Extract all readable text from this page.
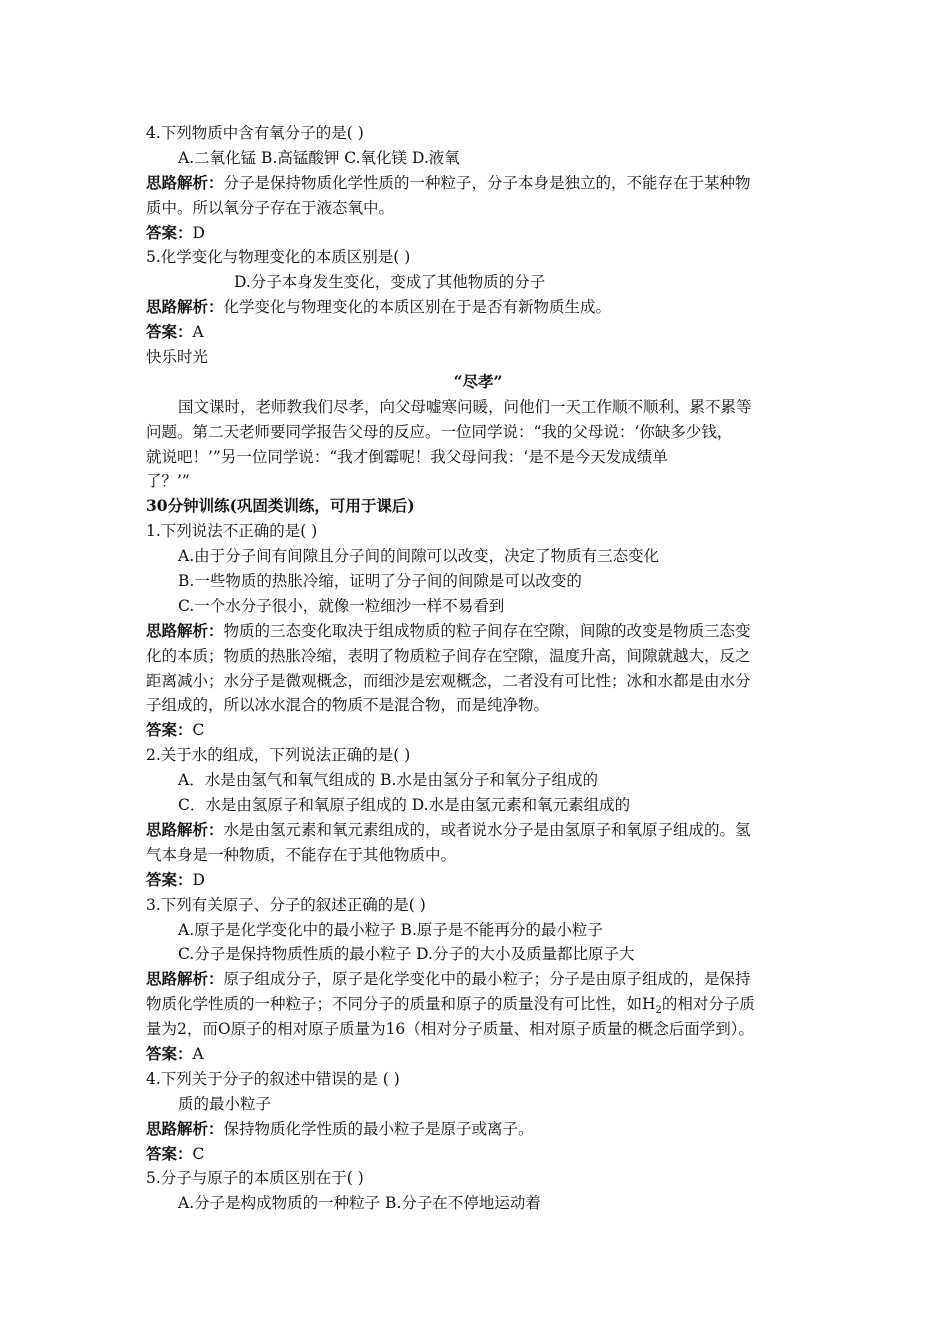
4.下列物质中含有氧分子的是( )
A.二氧化锰 B.高锰酸钾 C.氧化镁 D.液氧
思路解析：分子是保持物质化学性质的一种粒子，分子本身是独立的，不能存在于某种物
质中。所以氧分子存在于液态氧中。
答案：D
5.化学变化与物理变化的本质区别是( )
D.分子本身发生变化，变成了其他物质的分子
思路解析：化学变化与物理变化的本质区别在于是否有新物质生成。
答案：A
快乐时光
“尽孝”
国文课时，老师教我们尽孝，向父母嘘寒问暖，问他们一天工作顺不顺利、累不累等
问题。第二天老师要同学报告父母的反应。一位同学说：“我的父母说：‘你缺多少钱，
就说吧！’”另一位同学说：“我才倒霉呢！我父母问我：‘是不是今天发成绩单
了？’”
30分钟训练(巩固类训练，可用于课后)
1.下列说法不正确的是( )
A.由于分子间有间隙且分子间的间隙可以改变，决定了物质有三态变化
B.一些物质的热胀冷缩，证明了分子间的间隙是可以改变的
C.一个水分子很小，就像一粒细沙一样不易看到
思路解析：物质的三态变化取决于组成物质的粒子间存在空隙，间隙的改变是物质三态变
化的本质；物质的热胀冷缩，表明了物质粒子间存在空隙，温度升高，间隙就越大，反之
距离减小；水分子是微观概念，而细沙是宏观概念，二者没有可比性；冰和水都是由水分
子组成的，所以冰水混合的物质不是混合物，而是纯净物。
答案：C
2.关于水的组成，下列说法正确的是( )
A．水是由氢气和氧气组成的 B.水是由氢分子和氧分子组成的
C．水是由氢原子和氧原子组成的 D.水是由氢元素和氧元素组成的
思路解析：水是由氢元素和氧元素组成的，或者说水分子是由氢原子和氧原子组成的。氢
气本身是一种物质，不能存在于其他物质中。
答案：D
3.下列有关原子、分子的叙述正确的是( )
A.原子是化学变化中的最小粒子 B.原子是不能再分的最小粒子
C.分子是保持物质性质的最小粒子 D.分子的大小及质量都比原子大
思路解析：原子组成分子，原子是化学变化中的最小粒子；分子是由原子组成的，是保持
物质化学性质的一种粒子；不同分子的质量和原子的质量没有可比性，如$H_2$的相对分子质
量为2，而O原子的相对原子质量为16（相对分子质量、相对原子质量的概念后面学到）。
答案：A
4.下列关于分子的叙述中错误的是 ( )
质的最小粒子
思路解析：保持物质化学性质的最小粒子是原子或离子。
答案：C
5.分子与原子的本质区别在于( )
A.分子是构成物质的一种粒子 B.分子在不停地运动着
